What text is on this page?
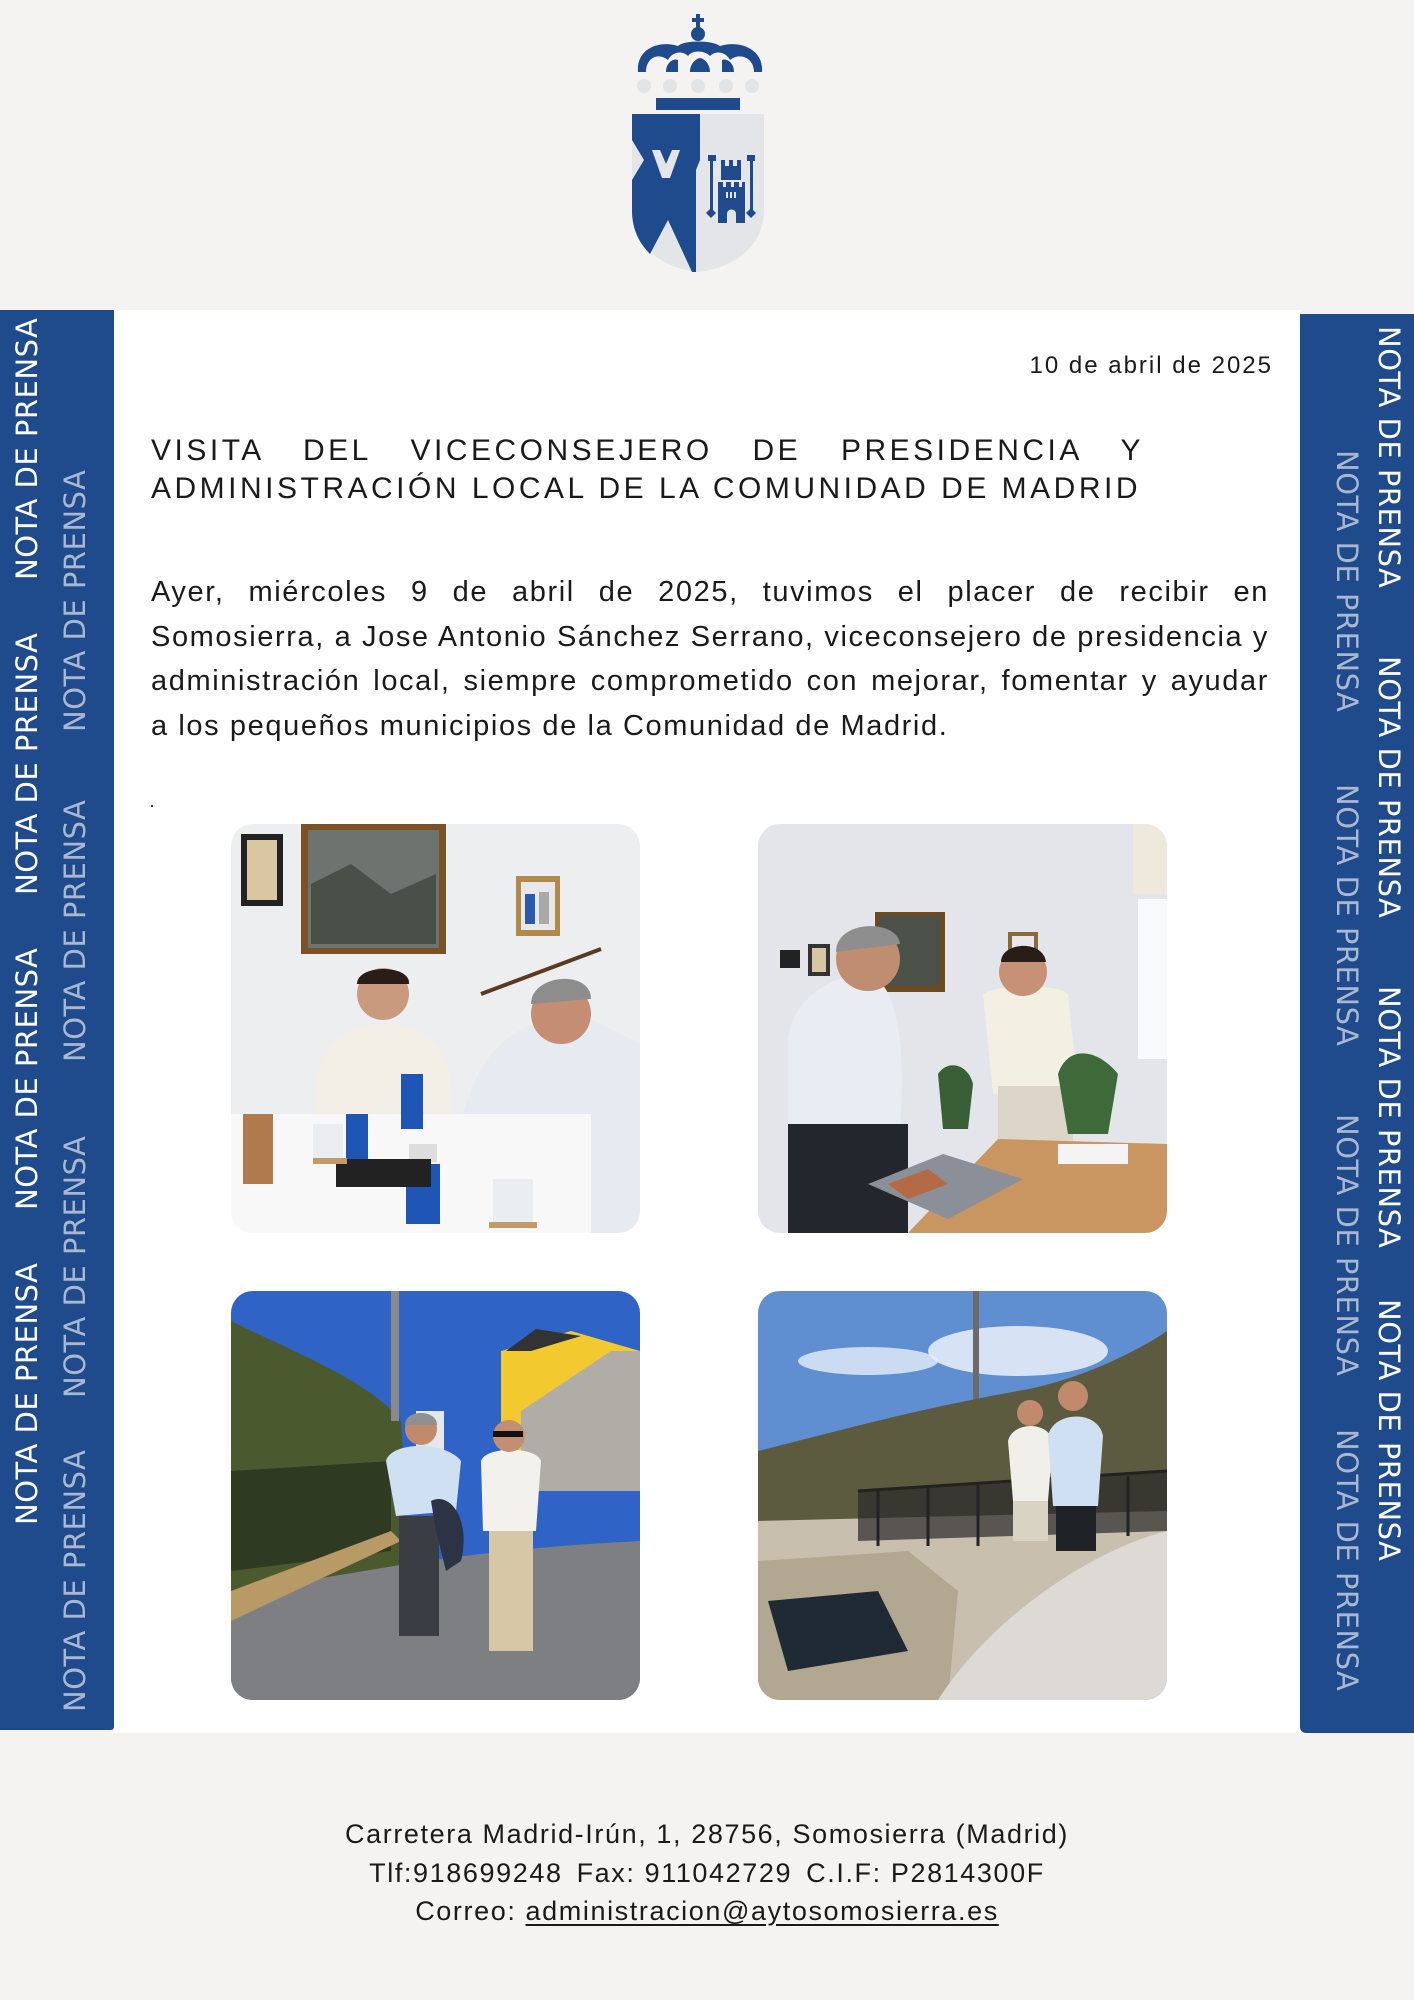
NOTA DE PRENSA
NOTA DE PRENSA
NOTA DE PRENSA
NOTA DE PRENSA
NOTA DE PRENSA
NOTA DE PRENSA
NOTA DE PRENSA
NOTA DE PRENSA
NOTA DE PRENSA
NOTA DE PRENSA
NOTA DE PRENSA
NOTA DE PRENSA
NOTA DE PRENSA
NOTA DE PRENSA
NOTA DE PRENSA
NOTA DE PRENSA
10 de abril de 2025
VISITA DEL VICECONSEJERO DE PRESIDENCIA Y ADMINISTRACIÓN LOCAL DE LA COMUNIDAD DE MADRID

Ayer, miércoles 9 de abril de 2025, tuvimos el placer de recibir en Somosierra, a Jose Antonio Sánchez Serrano, viceconsejero de presidencia y administración local, siempre comprometido con mejorar, fomentar y ayudar a los pequeños municipios de la Comunidad de Madrid.

Carretera Madrid-Irún, 1, 28756, Somosierra (Madrid)
Tlf:918699248 Fax: 911042729 C.I.F: P2814300F
Correo: administracion@aytosomosierra.es
